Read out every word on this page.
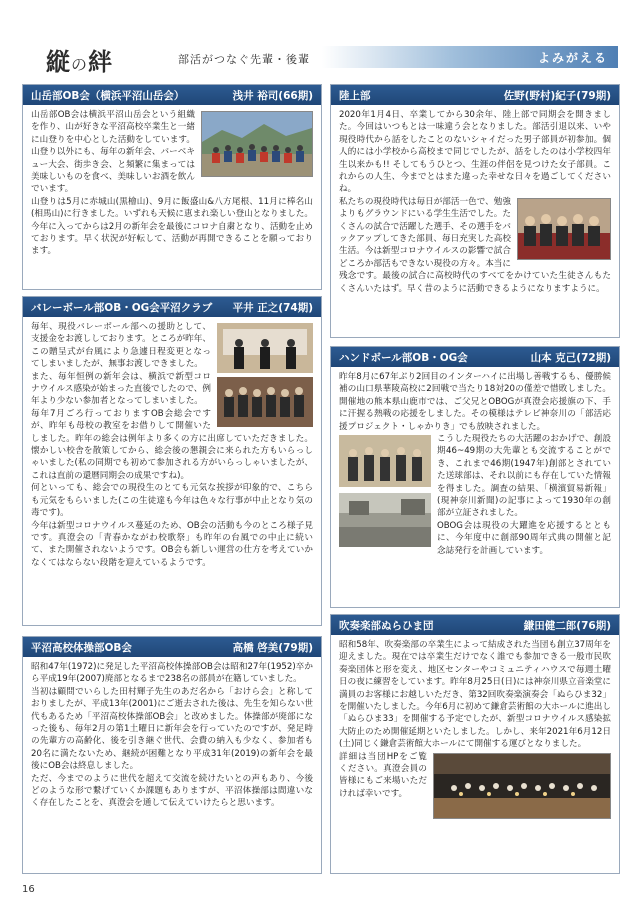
縦の絆	部活がつなぐ先輩・後輩	よみがえる
山岳部OB会（横浜平沼山岳会）	浅井 裕司(66期)

山岳部OB会は横浜平沼山岳会という組織を作り、山が好きな平沼高校卒業生と一緒に山登りを中心とした活動をしています。山登り以外にも、毎年の新年会、バーベキュー大会、街歩き会、と頻繁に集まっては美味しいものを食べ、美味しいお酒を飲んでいます。

山登りは5月に赤城山(黒檜山)、9月に飯盛山&八方尾根、11月に棒名山(相馬山)に行きました。いずれも天候に恵まれ楽しい登山となりました。今年に入ってからは2月の新年会を最後にコロナ自粛となり、活動を止めております。早く状況が好転して、活動が再開できることを願っております。

バレーボール部OB・OG会平沼クラブ 平井 正之(74期)

毎年、現役バレーボール部への援助として、支援金をお渡ししております。ところが昨年、この贈呈式が台風により急遽日程変更となってしまいましたが、無事お渡しできました。

また、毎年恒例の新年会は、横浜で新型コロナウイルス感染が始まった直後でしたので、例年より少ない参加者となってしまいました。

毎年7月ごろ行っておりますOB会総会ですが、昨年も母校の教室をお借りして開催いたしました。昨年の総会は例年より多くの方に出席していただきました。懐かしい校舎を散策してから、総会後の懇親会に来られた方もいらっしゃいました(私の同期でも初めて参加される方がいらっしゃいましたが、これは直前の還暦同期会の成果ですね)。

何といっても、総会での現役生のとても元気な挨拶が印象的で、こちらも元気をもらいました(この生徒達も今年は色々な行事が中止となり気の毒です)。

今年は新型コロナウイルス蔓延のため、OB会の活動も今のところ様子見です。真澄会の「青春かながわ校歌祭」も昨年の台風での中止に続いて、また開催されないようです。OB会も新しい運営の仕方を考えていかなくてはならない段階を迎えているようです。

平沼高校体操部OB会	高橋 啓美(79期)

昭和47年(1972)に発足した平沼高校体操部OB会は昭和27年(1952)卒から平成19年(2007)廃部となるまで238名の部員が在籍していました。

当初は顧問でいらした田村輝子先生のあだ名から「おけら会」と称しておりましたが、平成13年(2001)にご逝去された後は、先生を知らない世代もあるため「平沼高校体操部OB会」と改めました。体操部が廃部になった後も、毎年2月の第1土曜日に新年会を行っていたのですが、発足時の先輩方の高齢化、後を引き継ぐ世代、会費の納入も少なく、参加者も20名に満たないため、継続が困難となり平成31年(2019)の新年会を最後にOB会は終息しました。

ただ、今までのように世代を超えて交流を続けたいとの声もあり、今後どのような形で繋げていくか課題もありますが、平沼体操部は間違いなく存在したことを、真澄会を通して伝えていけたらと思います。

陸上部	佐野(野村)紀子(79期)

2020年1月4日、卒業してから30余年、陸上部で同期会を開きました。今回はいつもとは一味違う会となりました。部活引退以来、いや現役時代から話をしたことのないシャイだった男子部員が初参加。個人的には小学校から高校まで同じでしたが、話をしたのは小学校四年生以来かも!! そしてもうひとつ、生涯の伴侶を見つけた女子部員。これからの人生、今までとはまた違った幸せな日々を過ごしてくださいね。

私たちの現役時代は毎日が部活一色で、勉強よりもグラウンドにいる学生生活でした。たくさんの試合で活躍した選手、その選手をバックアップしてきた部員、毎日充実した高校生活。今は新型コロナウイルスの影響で試合どころか部活もできない現役の方々。本当に残念です。最後の試合に高校時代のすべてをかけていた生徒さんもたくさんいたはず。早く昔のように活動できるようになりますように。

ハンドボール部OB・OG会	山本 克己(72期)

昨年8月に67年ぶり2回目のインターハイに出場し善戦するも、優勝候補の山口県華陵高校に2回戦で当たり18対20の僅差で惜敗しました。開催地の熊本県山鹿市では、ご父兄とOBOGが真澄会応援旗の下、手に汗握る熱戦の応援をしました。その模様はテレビ神奈川の「部活応援プロジェクト・しゃかりき」でも放映されました。

こうした現役たちの大活躍のおかげで、創設期46~49期の大先輩とも交流することができ、これまで46期(1947年)創部とされていた送球部は、それ以前にも存在していた情報を得ました。調査の結果、「横濱貿易新報」(現神奈川新聞)の記事によって1930年の創部が立証されました。

OBOG会は現役の大躍進を応援するとともに、今年度中に創部90周年式典の開催と記念誌発行を計画しています。

吹奏楽部ぬらひま団	鎌田健二郎(76期)

昭和58年、吹奏楽部の卒業生によって結成された当団も創立37周年を迎えました。現在では卒業生だけでなく誰でも参加できる一般市民吹奏楽団体と形を変え、地区センターやコミュニティハウスで毎週土曜日の夜に練習をしています。昨年8月25日(日)には神奈川県立音楽堂に満員のお客様にお越しいただき、第32回吹奏楽演奏会「ぬらひま32」を開催いたしました。今年6月に初めて鎌倉芸術館の大ホールに進出し「ぬらひま33」を開催する予定でしたが、新型コロナウイルス感染拡大防止のため開催延期といたしました。しかし、来年2021年6月12日(土)同じく鎌倉芸術館大ホールにて開催する運びとなりました。

詳細は当団HPをご覧ください。真澄会員の皆様にもご来場いただければ幸いです。

16
